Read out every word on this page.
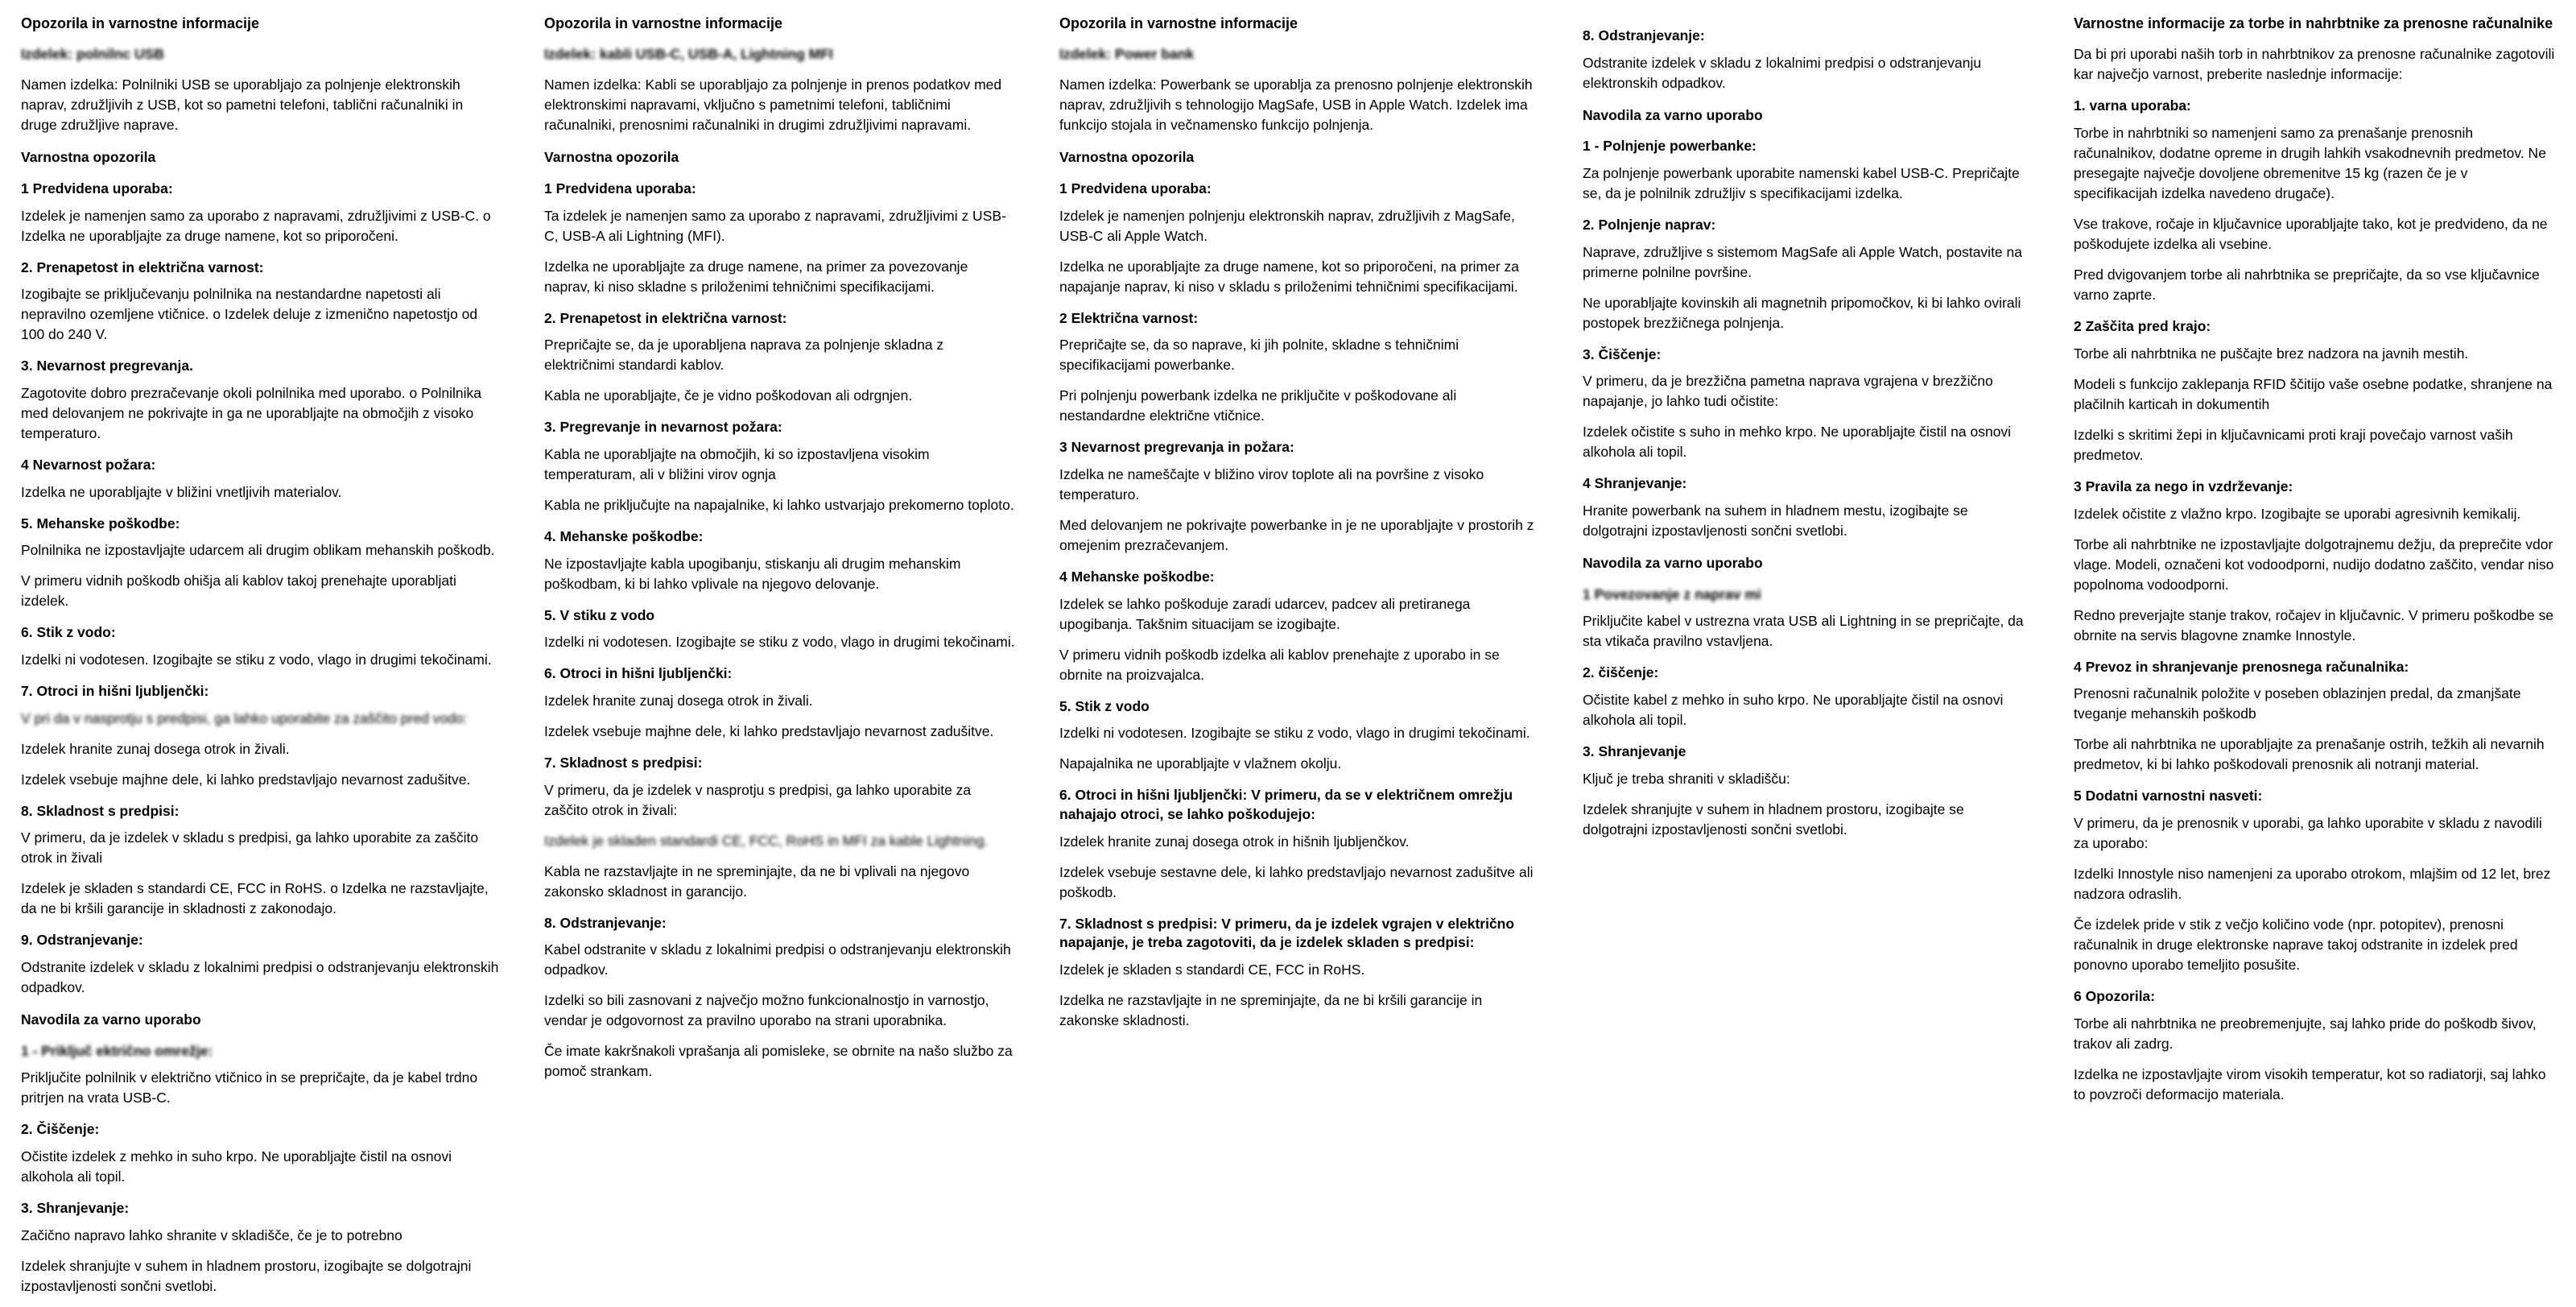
Opozorila in varnostne informacije

Izdelek: polnilnc USB

Namen izdelka: Polnilniki USB se uporabljajo za polnjenje elektronskih naprav, združljivih z USB, kot so pametni telefoni, tablični računalniki in druge združljive naprave.

Varnostna opozorila
1 Predvidena uporaba:

Izdelek je namenjen samo za uporabo z napravami, združljivimi z USB-C. o Izdelka ne uporabljajte za druge namene, kot so priporočeni.

2. Prenapetost in električna varnost:

Izogibajte se priključevanju polnilnika na nestandardne napetosti ali nepravilno ozemljene vtičnice. o Izdelek deluje z izmenično napetostjo od 100 do 240 V.

3. Nevarnost pregrevanja.

Zagotovite dobro prezračevanje okoli polnilnika med uporabo. o Polnilnika med delovanjem ne pokrivajte in ga ne uporabljajte na območjih z visoko temperaturo.

4 Nevarnost požara:

Izdelka ne uporabljajte v bližini vnetljivih materialov.

5. Mehanske poškodbe:

Polnilnika ne izpostavljajte udarcem ali drugim oblikam mehanskih poškodb.

V primeru vidnih poškodb ohišja ali kablov takoj prenehajte uporabljati izdelek.

6. Stik z vodo:

Izdelki ni vodotesen. Izogibajte se stiku z vodo, vlago in drugimi tekočinami.

7. Otroci in hišni ljubljenčki:

V pri da v nasprotju s predpisi, ga lahko uporabite za zaščito pred vodo:

Izdelek hranite zunaj dosega otrok in živali.

Izdelek vsebuje majhne dele, ki lahko predstavljajo nevarnost zadušitve.

8. Skladnost s predpisi:

V primeru, da je izdelek v skladu s predpisi, ga lahko uporabite za zaščito otrok in živali

Izdelek je skladen s standardi CE, FCC in RoHS. o Izdelka ne razstavljajte, da ne bi kršili garancije in skladnosti z zakonodajo.

9. Odstranjevanje:

Odstranite izdelek v skladu z lokalnimi predpisi o odstranjevanju elektronskih odpadkov.

Navodila za varno uporabo
1 - Priključ ektrično omrežje:

Priključite polnilnik v električno vtičnico in se prepričajte, da je kabel trdno pritrjen na vrata USB-C.

2. Čiščenje:

Očistite izdelek z mehko in suho krpo. Ne uporabljajte čistil na osnovi alkohola ali topil.

3. Shranjevanje:

Začično napravo lahko shranite v skladišče, če je to potrebno

Izdelek shranjujte v suhem in hladnem prostoru, izogibajte se dolgotrajni izpostavljenosti sončni svetlobi.

Opozorila in varnostne informacije

Izdelek: kabli USB-C, USB-A, Lightning MFI

Namen izdelka: Kabli se uporabljajo za polnjenje in prenos podatkov med elektronskimi napravami, vključno s pametnimi telefoni, tabličnimi računalniki, prenosnimi računalniki in drugimi združljivimi napravami.

Varnostna opozorila
1 Predvidena uporaba:

Ta izdelek je namenjen samo za uporabo z napravami, združljivimi z USB-C, USB-A ali Lightning (MFI).

Izdelka ne uporabljajte za druge namene, na primer za povezovanje naprav, ki niso skladne s priloženimi tehničnimi specifikacijami.

2. Prenapetost in električna varnost:

Prepričajte se, da je uporabljena naprava za polnjenje skladna z električnimi standardi kablov.

Kabla ne uporabljajte, če je vidno poškodovan ali odrgnjen.

3. Pregrevanje in nevarnost požara:

Kabla ne uporabljajte na območjih, ki so izpostavljena visokim temperaturam, ali v bližini virov ognja

Kabla ne priključujte na napajalnike, ki lahko ustvarjajo prekomerno toploto.

4. Mehanske poškodbe:

Ne izpostavljajte kabla upogibanju, stiskanju ali drugim mehanskim poškodbam, ki bi lahko vplivale na njegovo delovanje.

5. V stiku z vodo

Izdelki ni vodotesen. Izogibajte se stiku z vodo, vlago in drugimi tekočinami.

6. Otroci in hišni ljubljenčki:

Izdelek hranite zunaj dosega otrok in živali.

Izdelek vsebuje majhne dele, ki lahko predstavljajo nevarnost zadušitve.

7. Skladnost s predpisi:

V primeru, da je izdelek v nasprotju s predpisi, ga lahko uporabite za zaščito otrok in živali:

Izdelek je skladen standardi CE, FCC, RoHS in MFI za kable Lightning.

Kabla ne razstavljajte in ne spreminjajte, da ne bi vplivali na njegovo zakonsko skladnost in garancijo.

8. Odstranjevanje:

Kabel odstranite v skladu z lokalnimi predpisi o odstranjevanju elektronskih odpadkov.

Izdelki so bili zasnovani z največjo možno funkcionalnostjo in varnostjo, vendar je odgovornost za pravilno uporabo na strani uporabnika.

Če imate kakršnakoli vprašanja ali pomislekе, se obrnite na našo službo za pomoč strankam.

Opozorila in varnostne informacije

Izdelek: Power bank

Namen izdelka: Powerbank se uporablja za prenosno polnjenje elektronskih naprav, združljivih s tehnologijo MagSafe, USB in Apple Watch. Izdelek ima funkcijo stojala in večnamensko funkcijo polnjenja.

Varnostna opozorila
1 Predvidena uporaba:

Izdelek je namenjen polnjenju elektronskih naprav, združljivih z MagSafe, USB-C ali Apple Watch.

Izdelka ne uporabljajte za druge namene, kot so priporočeni, na primer za napajanje naprav, ki niso v skladu s priloženimi tehničnimi specifikacijami.

2 Električna varnost:

Prepričajte se, da so naprave, ki jih polnite, skladne s tehničnimi specifikacijami powerbanke.

Pri polnjenju powerbank izdelka ne priključite v poškodovane ali nestandardne električne vtičnice.

3 Nevarnost pregrevanja in požara:

Izdelka ne nameščajte v bližino virov toplote ali na površine z visoko temperaturo.

Med delovanjem ne pokrivajte powerbanke in je ne uporabljajte v prostorih z omejenim prezračevanjem.

4 Mehanske poškodbe:

Izdelek se lahko poškoduje zaradi udarcev, padcev ali pretiranega upogibanja. Takšnim situacijam se izogibajte.

V primeru vidnih poškodb izdelka ali kablov prenehajte z uporabo in se obrnite na proizvajalca.

5. Stik z vodo

Izdelki ni vodotesen. Izogibajte se stiku z vodo, vlago in drugimi tekočinami.

Napajalnika ne uporabljajte v vlažnem okolju.

6. Otroci in hišni ljubljenčki: V primeru, da se v električnem omrežju nahajajo otroci, se lahko poškodujejo:

Izdelek hranite zunaj dosega otrok in hišnih ljubljenčkov.

Izdelek vsebuje sestavne dele, ki lahko predstavljajo nevarnost zadušitve ali poškodb.

7. Skladnost s predpisi: V primeru, da je izdelek vgrajen v električno napajanje, je treba zagotoviti, da je izdelek skladen s predpisi:

Izdelek je skladen s standardi CE, FCC in RoHS.

Izdelka ne razstavljajte in ne spreminjajte, da ne bi kršili garancije in zakonske skladnosti.

8. Odstranjevanje:

Odstranite izdelek v skladu z lokalnimi predpisi o odstranjevanju elektronskih odpadkov.

Navodila za varno uporabo
1 - Polnjenje powerbanke:

Za polnjenje powerbank uporabite namenski kabel USB-C. Prepričajte se, da je polnilnik združljiv s specifikacijami izdelka.

2. Polnjenje naprav:

Naprave, združljive s sistemom MagSafe ali Apple Watch, postavite na primerne polnilne površine.

Ne uporabljajte kovinskih ali magnetnih pripomočkov, ki bi lahko ovirali postopek brezžičnega polnjenja.

3. Čiščenje:

V primeru, da je brezžična pametna naprava vgrajena v brezžično napajanje, jo lahko tudi očistite:

Izdelek očistite s suho in mehko krpo. Ne uporabljajte čistil na osnovi alkohola ali topil.

4 Shranjevanje:

Hranite powerbank na suhem in hladnem mestu, izogibajte se dolgotrajni izpostavljenosti sončni svetlobi.

Navodila za varno uporabo
1 Povezovanje z naprav mi

Priključite kabel v ustrezna vrata USB ali Lightning in se prepričajte, da sta vtikača pravilno vstavljena.

2. čiščenje:

Očistite kabel z mehko in suho krpo. Ne uporabljajte čistil na osnovi alkohola ali topil.

3. Shranjevanje

Ključ je treba shraniti v skladišču:

Izdelek shranjujte v suhem in hladnem prostoru, izogibajte se dolgotrajni izpostavljenosti sončni svetlobi.

Varnostne informacije za torbe in nahrbtnike za prenosne računalnike

Da bi pri uporabi naših torb in nahrbtnikov za prenosne računalnike zagotovili kar največjo varnost, preberite naslednje informacije:

1. varna uporaba:

Torbe in nahrbtniki so namenjeni samo za prenašanje prenosnih računalnikov, dodatne opreme in drugih lahkih vsakodnevnih predmetov. Ne presegajte največje dovoljene obremenitve 15 kg (razen če je v specifikacijah izdelka navedeno drugače).

Vse trakove, ročaje in ključavnice uporabljajte tako, kot je predvideno, da ne poškodujete izdelka ali vsebine.

Pred dvigovanjem torbe ali nahrbtnika se prepričajte, da so vse ključavnice varno zaprte.

2 Zaščita pred krajo:

Torbe ali nahrbtnika ne puščajte brez nadzora na javnih mestih.

Modeli s funkcijo zaklepanja RFID ščitijo vaše osebne podatke, shranjene na plačilnih karticah in dokumentih

Izdelki s skritimi žepi in ključavnicami proti kraji povečajo varnost vaših predmetov.

3 Pravila za nego in vzdrževanje:

Izdelek očistite z vlažno krpo. Izogibajte se uporabi agresivnih kemikalij.

Torbe ali nahrbtnike ne izpostavljajte dolgotrajnemu dežju, da preprečite vdor vlage. Modeli, označeni kot vodoodporni, nudijo dodatno zaščito, vendar niso popolnoma vodoodporni.

Redno preverjajte stanje trakov, ročajev in ključavnic. V primeru poškodbe se obrnite na servis blagovne znamke Innostyle.

4 Prevoz in shranjevanje prenosnega računalnika:

Prenosni računalnik položite v poseben oblazinjen predal, da zmanjšate tveganje mehanskih poškodb

Torbe ali nahrbtnika ne uporabljajte za prenašanje ostrih, težkih ali nevarnih predmetov, ki bi lahko poškodovali prenosnik ali notranji material.

5 Dodatni varnostni nasveti:

V primeru, da je prenosnik v uporabi, ga lahko uporabite v skladu z navodili za uporabo:

Izdelki Innostyle niso namenjeni za uporabo otrokom, mlajšim od 12 let, brez nadzora odraslih.

Če izdelek pride v stik z večjo količino vode (npr. potopitev), prenosni računalnik in druge elektronske naprave takoj odstranite in izdelek pred ponovno uporabo temeljito posušite.

6 Opozorila:

Torbe ali nahrbtnika ne preobremenjujte, saj lahko pride do poškodb šivov, trakov ali zadrg.

Izdelka ne izpostavljajte virom visokih temperatur, kot so radiatorji, saj lahko to povzroči deformacijo materiala.
